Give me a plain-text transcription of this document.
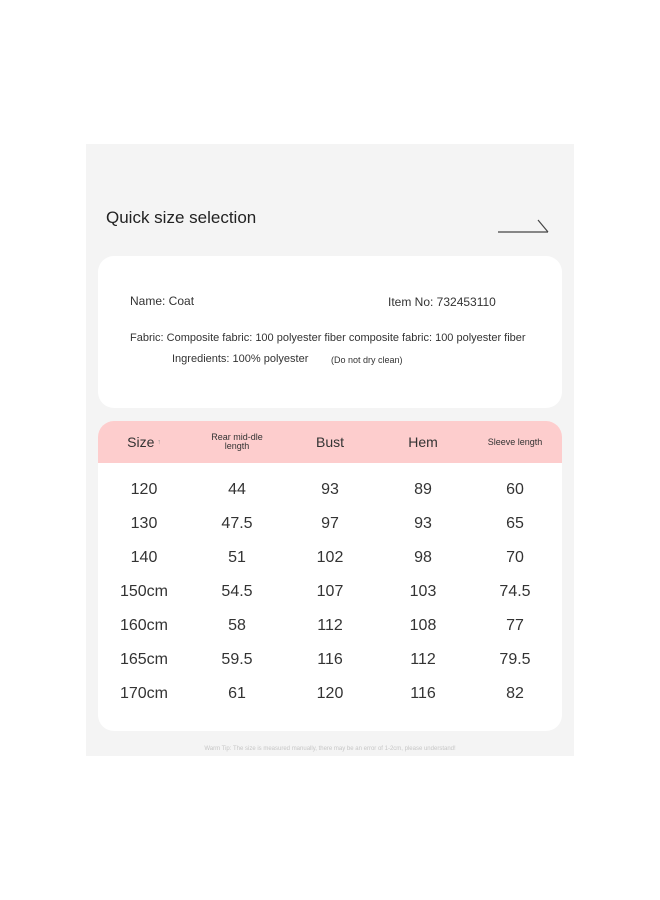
Quick size selection
Name: Coat	Item No: 732453110
Fabric: Composite fabric: 100 polyester fiber composite fabric: 100 polyester fiber
Ingredients: 100% polyester	(Do not dry clean)
Size ↑	Rear mid-dle length	Bust	Hem	Sleeve length
120	44	93	89	60
130	47.5	97	93	65
140	51	102	98	70
150cm	54.5	107	103	74.5
160cm	58	112	108	77
165cm	59.5	116	112	79.5
170cm	61	120	116	82
Warm Tip: The size is measured manually, there may be an error of 1-2cm, please understand!
